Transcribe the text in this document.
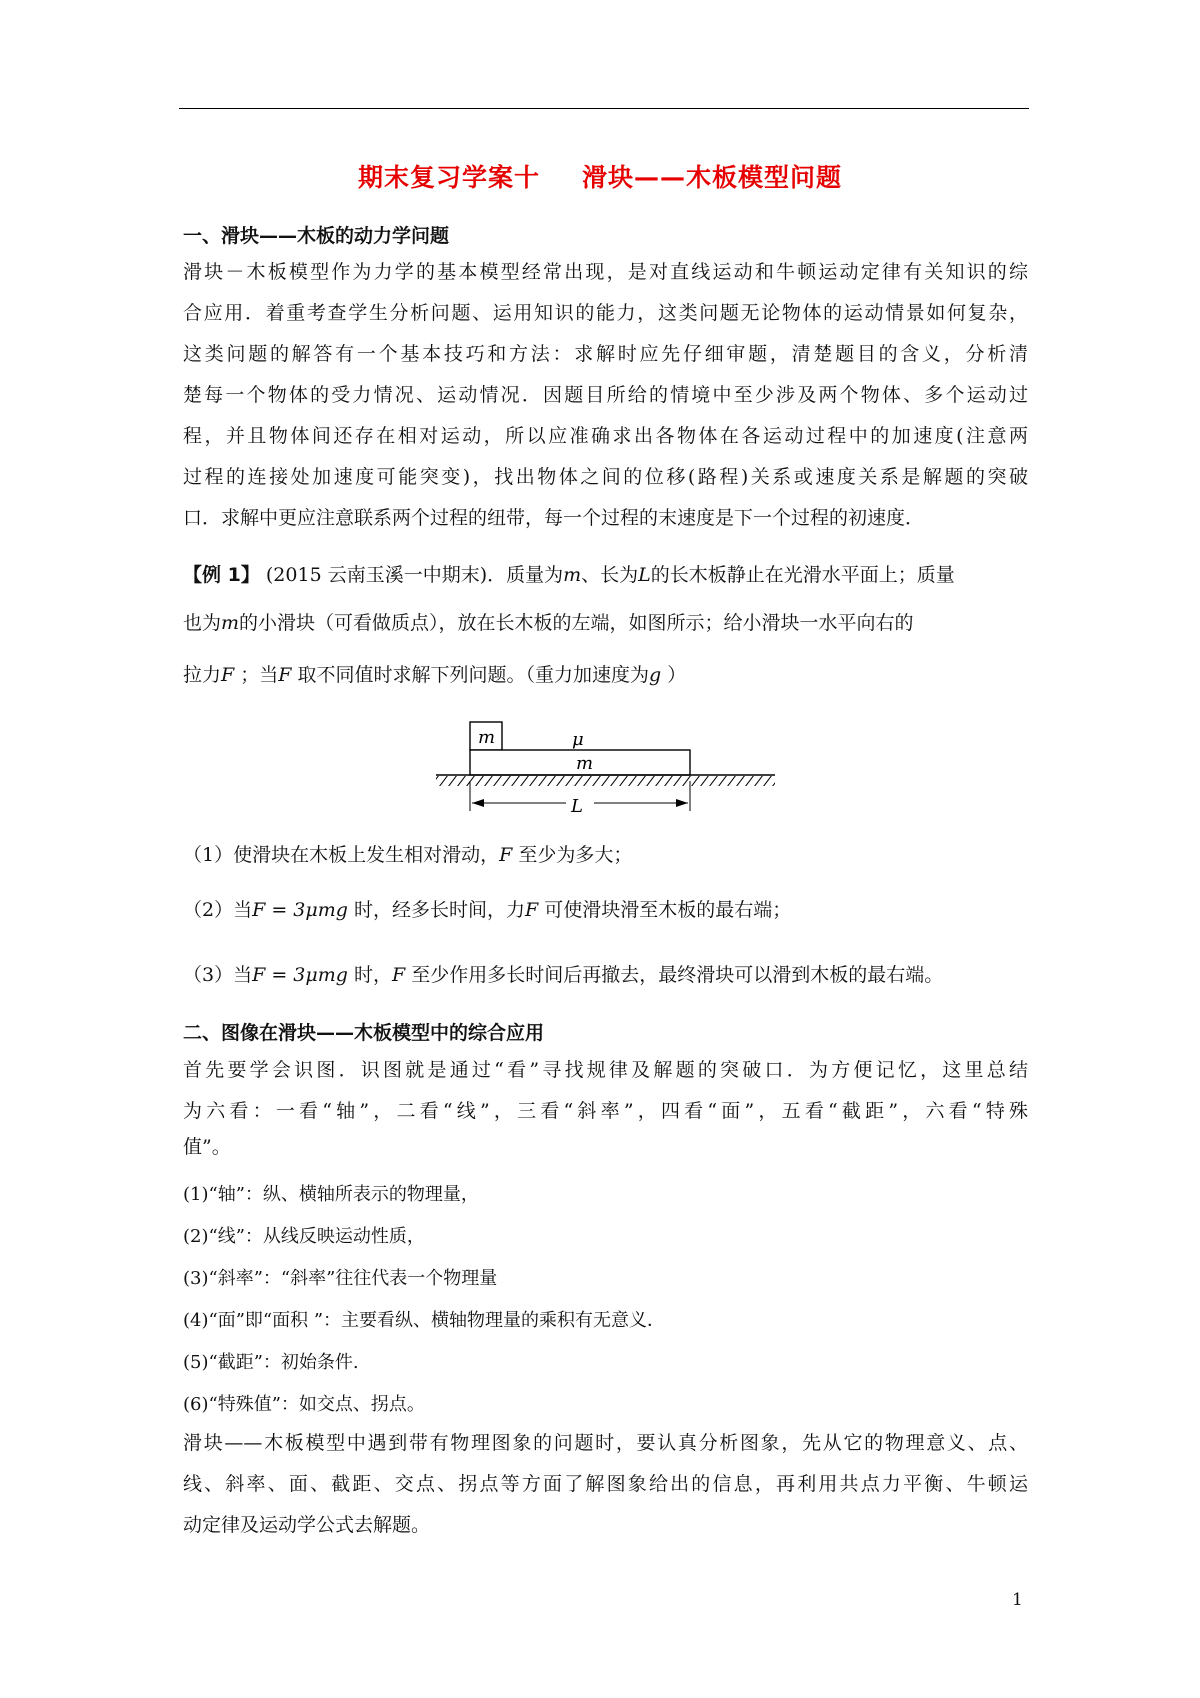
期末复习学案十 滑块——木板模型问题
一、滑块——木板的动力学问题
滑块－木板模型作为力学的基本模型经常出现，是对直线运动和牛顿运动定律有关知识的综
合应用．着重考查学生分析问题、运用知识的能力，这类问题无论物体的运动情景如何复杂，
这类问题的解答有一个基本技巧和方法：求解时应先仔细审题，清楚题目的含义，分析清
楚每一个物体的受力情况、运动情况．因题目所给的情境中至少涉及两个物体、多个运动过
程，并且物体间还存在相对运动，所以应准确求出各物体在各运动过程中的加速度(注意两
过程的连接处加速度可能突变)，找出物体之间的位移(路程)关系或速度关系是解题的突破
口．求解中更应注意联系两个过程的纽带，每一个过程的末速度是下一个过程的初速度．
【例 1】 (2015 云南玉溪一中期末)．质量为m、长为L的长木板静止在光滑水平面上；质量
也为m的小滑块（可看做质点），放在长木板的左端，如图所示；给小滑块一水平向右的
拉力F ；当F 取不同值时求解下列问题。（重力加速度为g ）
m	μ
m
L
（1）使滑块在木板上发生相对滑动，F 至少为多大；
（2）当F = 3μmg 时，经多长时间，力F 可使滑块滑至木板的最右端；
（3）当F = 3μmg 时，F 至少作用多长时间后再撤去，最终滑块可以滑到木板的最右端。
二、图像在滑块——木板模型中的综合应用
首先要学会识图．识图就是通过“看”寻找规律及解题的突破口．为方便记忆，这里总结
为六看：一看“轴”，二看“线”，三看“斜率”，四看“面”，五看“截距”，六看“特殊
值”。
(1)“轴”：纵、横轴所表示的物理量，
(2)“线”：从线反映运动性质，
(3)“斜率”：“斜率”往往代表一个物理量
(4)“面”即“面积 ”：主要看纵、横轴物理量的乘积有无意义．
(5)“截距”：初始条件.
(6)“特殊值”：如交点、拐点。
滑块——木板模型中遇到带有物理图象的问题时，要认真分析图象，先从它的物理意义、点、
线、斜率、面、截距、交点、拐点等方面了解图象给出的信息，再利用共点力平衡、牛顿运
动定律及运动学公式去解题。
1
